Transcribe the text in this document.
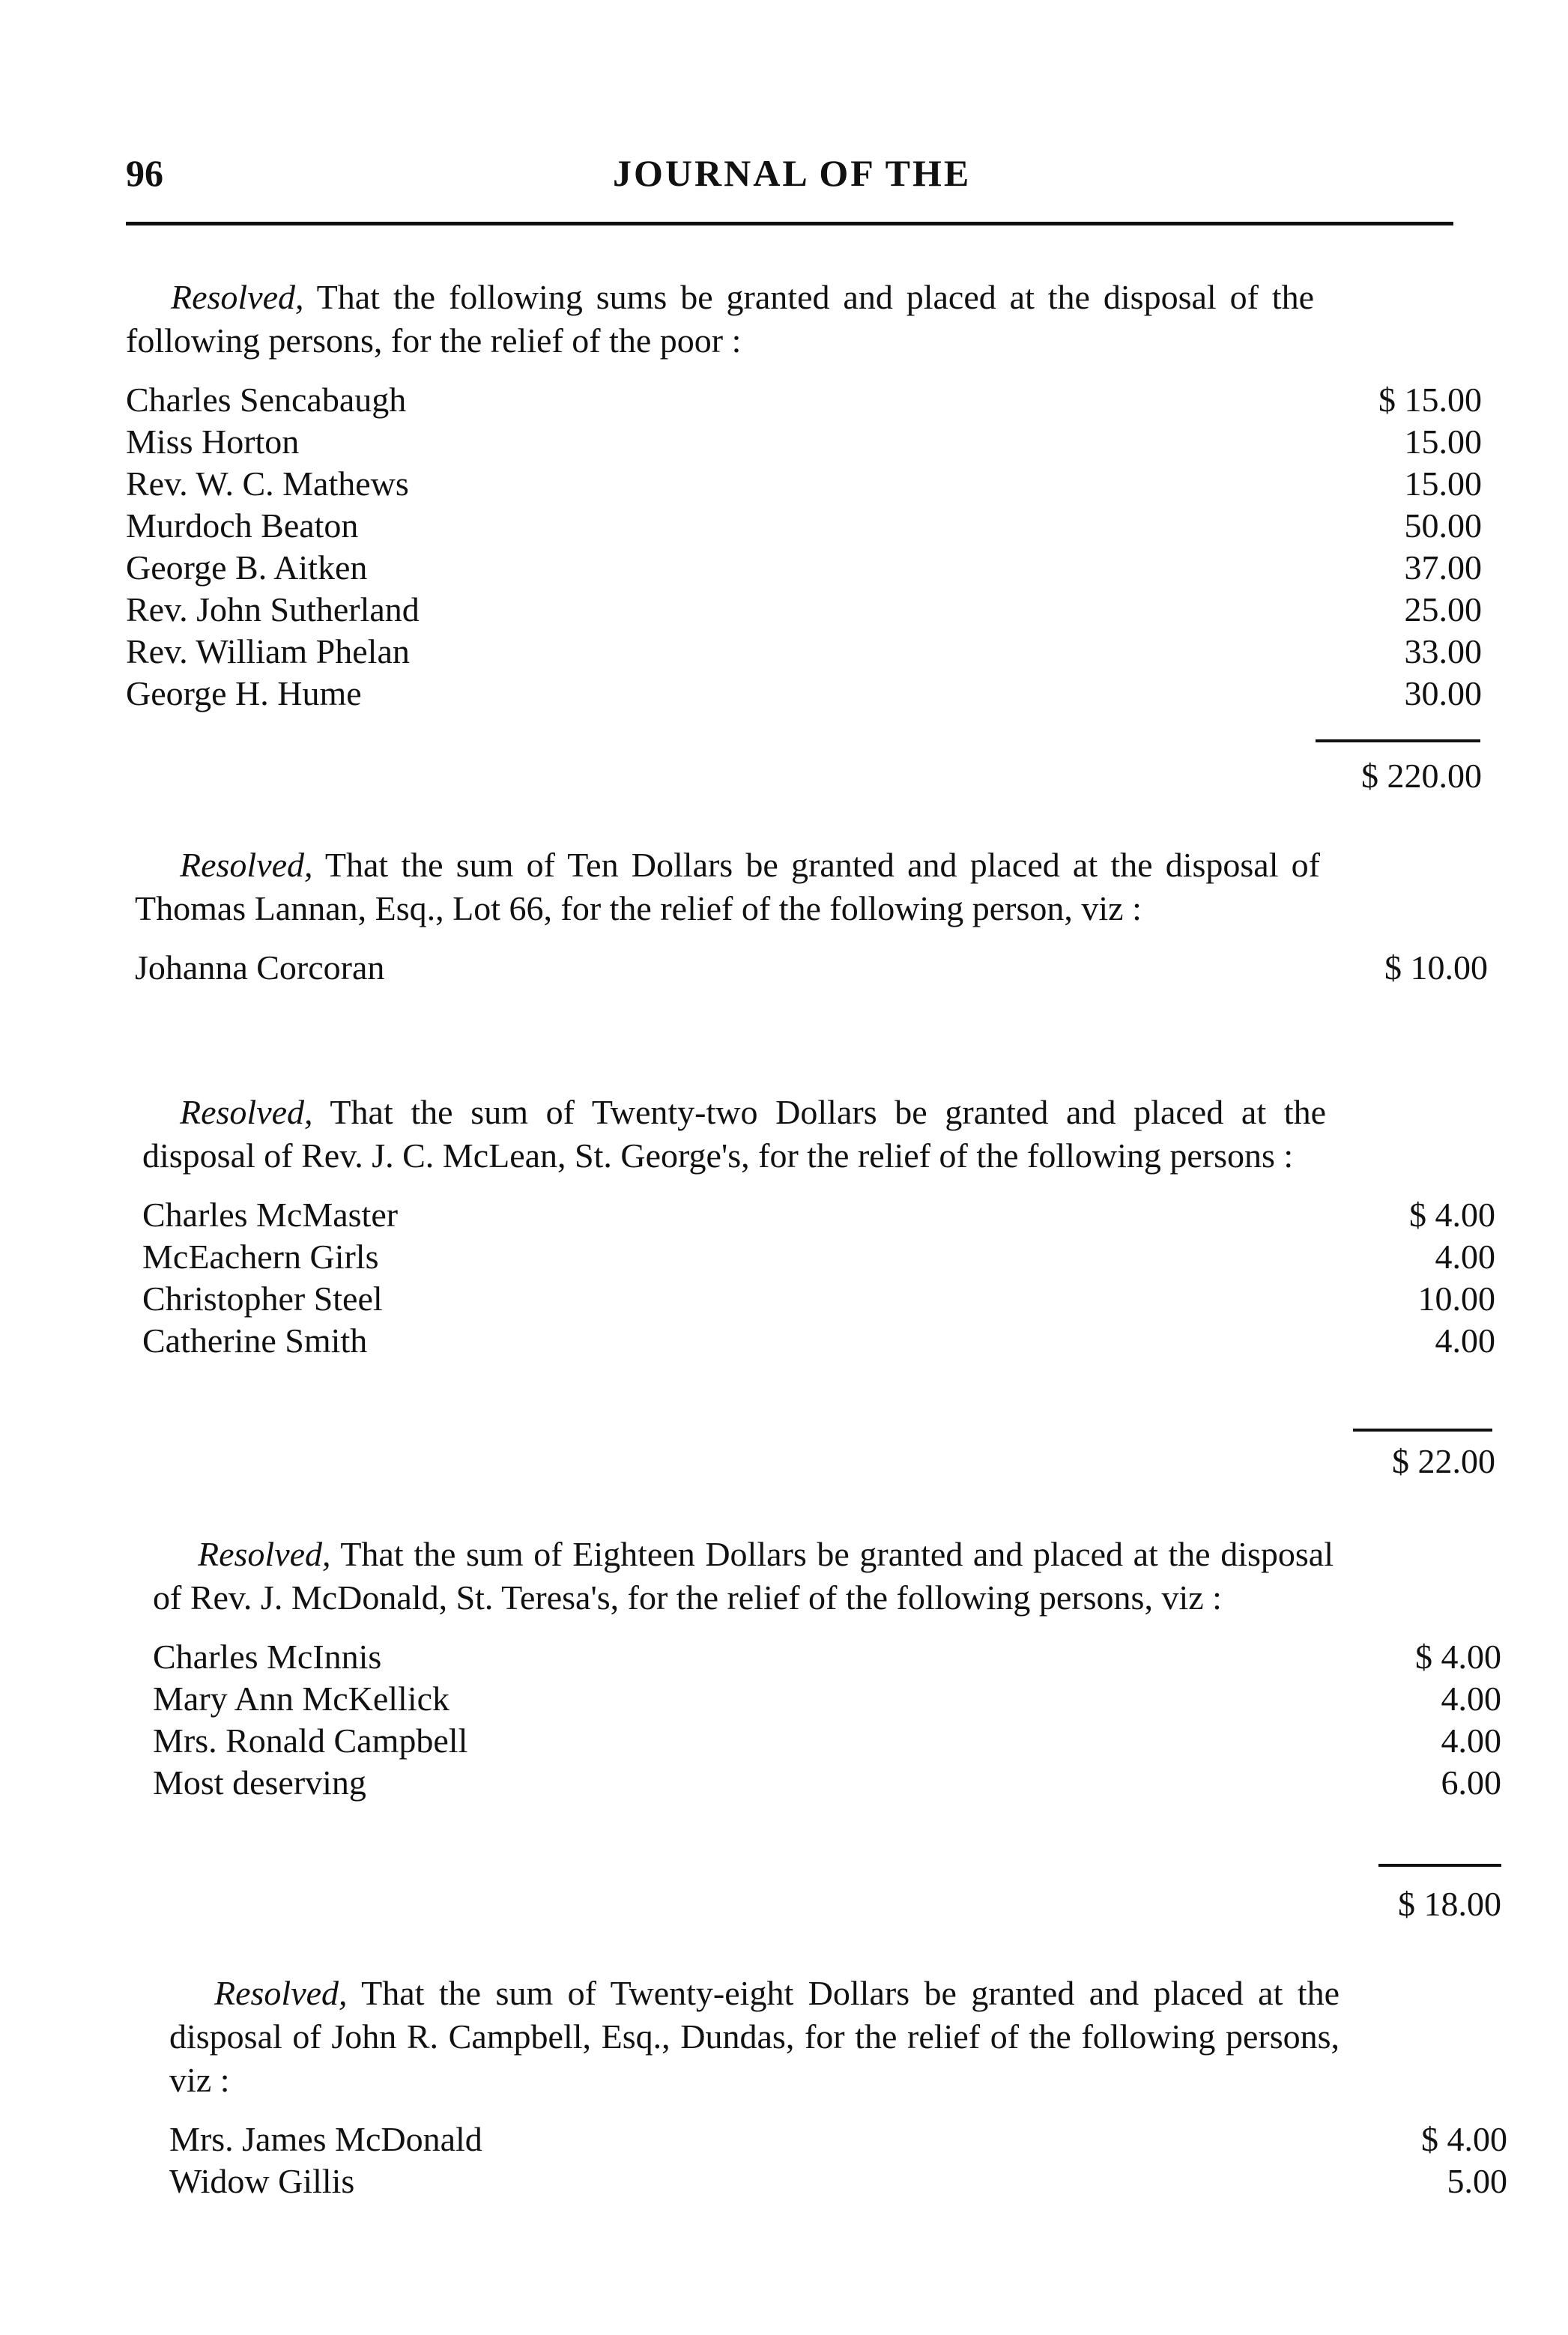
96	JOURNAL OF THE

Resolved, That the following sums be granted and placed at the disposal of the following persons, for the relief of the poor :

Charles Sencabaugh	$ 15.00
Miss Horton	15.00
Rev. W. C. Mathews	15.00
Murdoch Beaton	50.00
George B. Aitken	37.00
Rev. John Sutherland	25.00
Rev. William Phelan	33.00
George H. Hume	30.00
$ 220.00

Resolved, That the sum of Ten Dollars be granted and placed at the disposal of Thomas Lannan, Esq., Lot 66, for the relief of the following person, viz :

Johanna Corcoran	$ 10.00

Resolved, That the sum of Twenty-two Dollars be granted and placed at the disposal of Rev. J. C. McLean, St. George's, for the relief of the following persons :

Charles McMaster	$ 4.00
McEachern Girls	4.00
Christopher Steel	10.00
Catherine Smith	4.00
$ 22.00

Resolved, That the sum of Eighteen Dollars be granted and placed at the disposal of Rev. J. McDonald, St. Teresa's, for the relief of the following persons, viz :

Charles McInnis	$ 4.00
Mary Ann McKellick	4.00
Mrs. Ronald Campbell	4.00
Most deserving	6.00
$ 18.00

Resolved, That the sum of Twenty-eight Dollars be granted and placed at the disposal of John R. Campbell, Esq., Dundas, for the relief of the following persons, viz :

Mrs. James McDonald	$ 4.00
Widow Gillis	5.00
